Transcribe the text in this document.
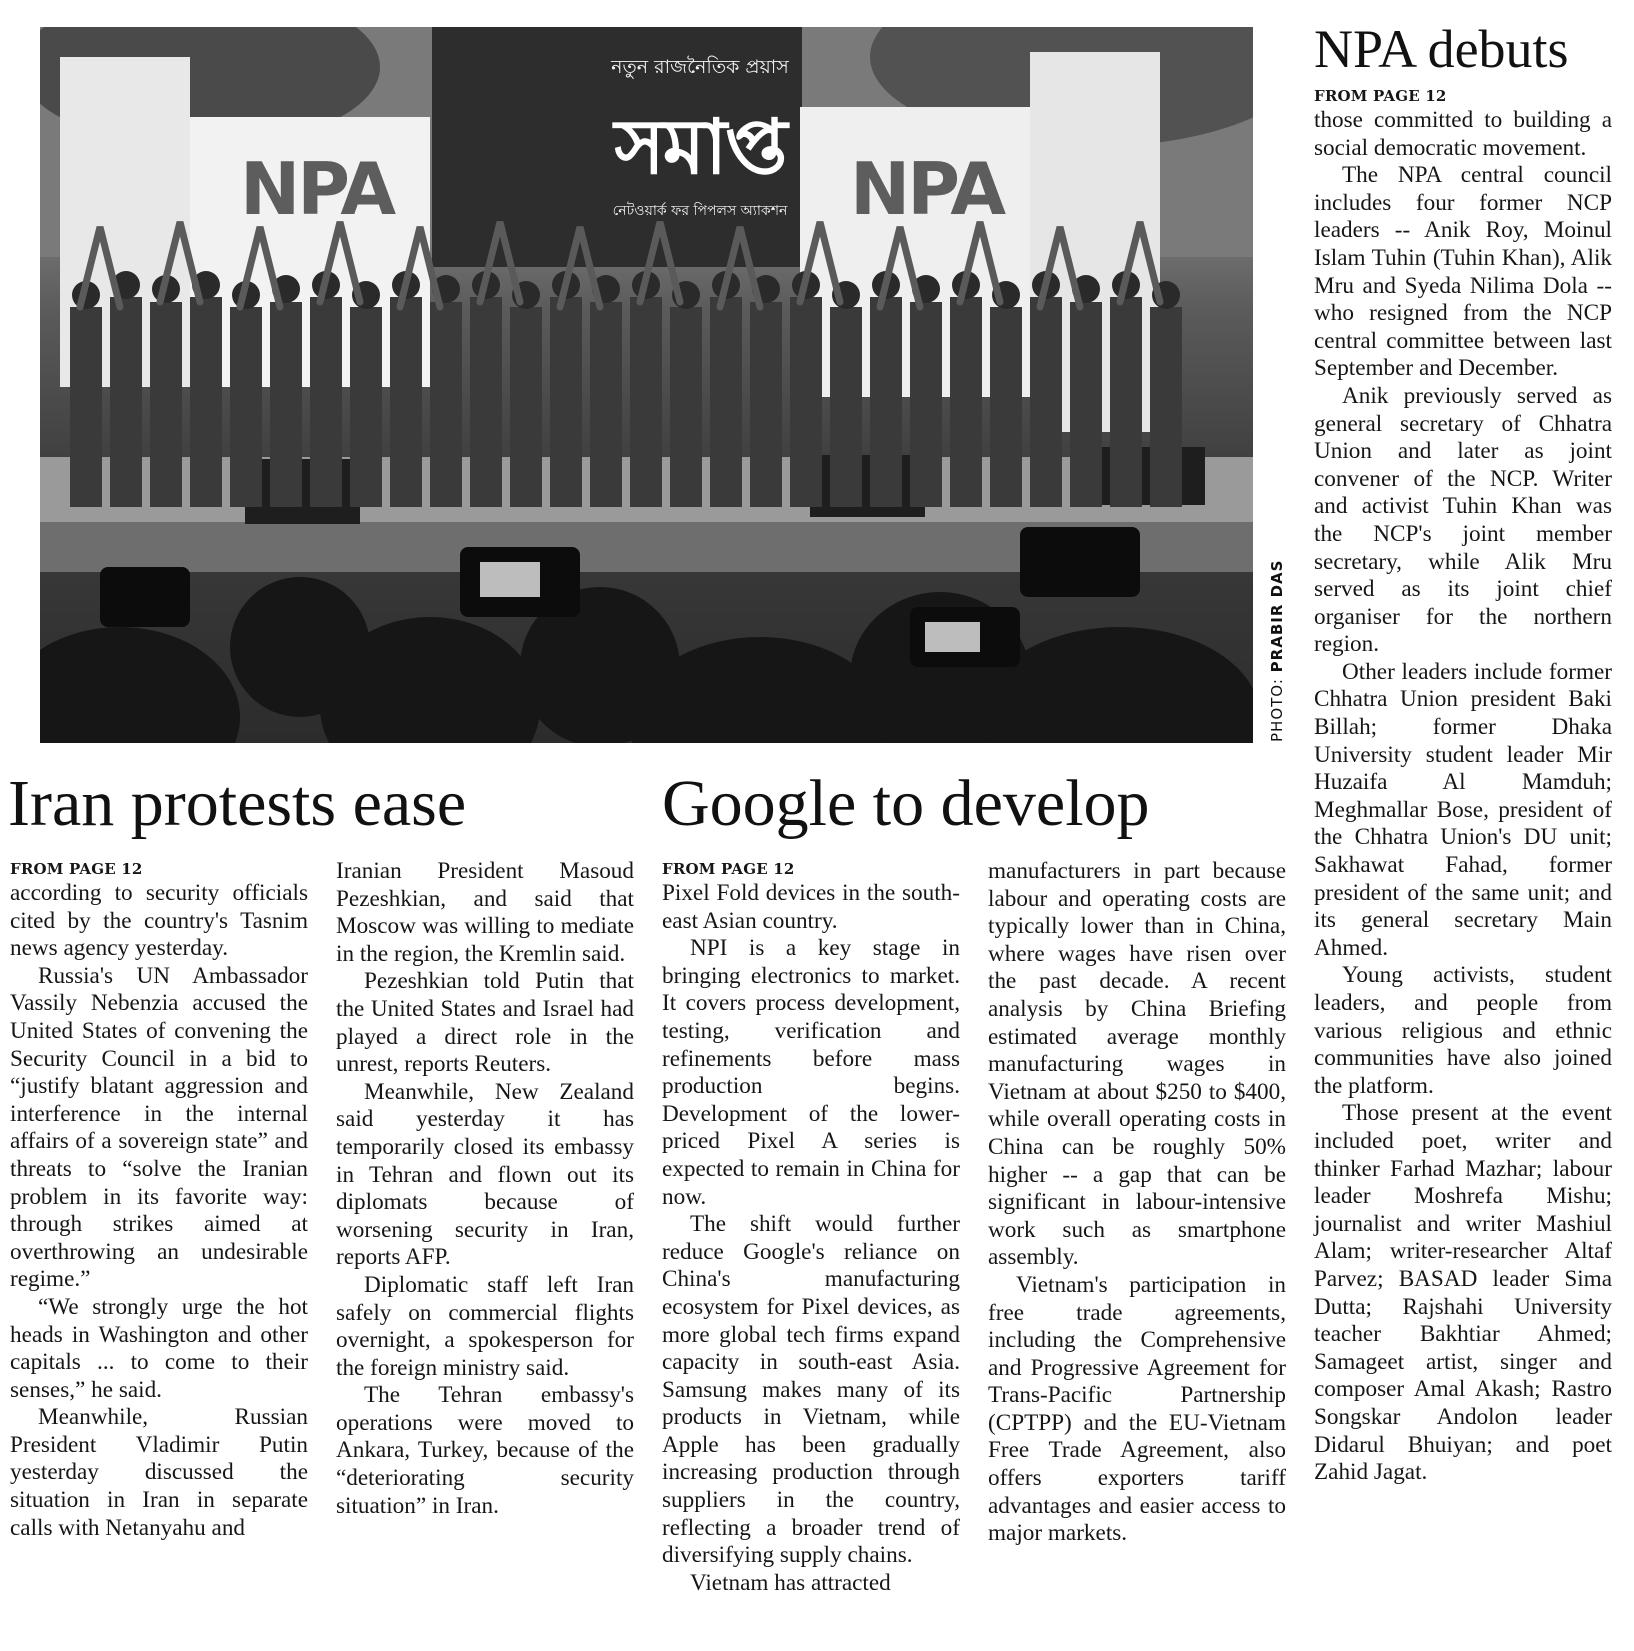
নতুন রাজনৈতিক প্রয়াস
সমাপ্ত
নেটওয়ার্ক ফর পিপলস অ্যাকশন
NPA	NPA
PHOTO: PRABIR DAS
NPA debuts
FROM PAGE 12

those committed to building a social democratic movement.

The NPA central council includes four former NCP leaders -- Anik Roy, Moinul Islam Tuhin (Tuhin Khan), Alik Mru and Syeda Nilima Dola -- who resigned from the NCP central committee between last September and December.

Anik previously served as general secretary of Chhatra Union and later as joint convener of the NCP. Writer and activist Tuhin Khan was the NCP's joint member secretary, while Alik Mru served as its joint chief organiser for the northern region.

Other leaders include former Chhatra Union president Baki Billah; former Dhaka University student leader Mir Huzaifa Al Mamduh; Meghmallar Bose, president of the Chhatra Union's DU unit; Sakhawat Fahad, former president of the same unit; and its general secretary Main Ahmed.

Young activists, student leaders, and people from various religious and ethnic communities have also joined the platform.

Those present at the event included poet, writer and thinker Farhad Mazhar; labour leader Moshrefa Mishu; journalist and writer Mashiul Alam; writer-researcher Altaf Parvez; BASAD leader Sima Dutta; Rajshahi University teacher Bakhtiar Ahmed; Samageet artist, singer and composer Amal Akash; Rastro Songskar Andolon leader Didarul Bhuiyan; and poet Zahid Jagat.

Iran protests ease
FROM PAGE 12

according to security officials cited by the country's Tasnim news agency yesterday.

Russia's UN Ambassador Vassily Nebenzia accused the United States of convening the Security Council in a bid to “justify blatant aggression and interference in the internal affairs of a sovereign state” and threats to “solve the Iranian problem in its favorite way: through strikes aimed at overthrowing an undesirable regime.”

“We strongly urge the hot heads in Washington and other capitals ... to come to their senses,” he said.

Meanwhile, Russian President Vladimir Putin yesterday discussed the situation in Iran in separate calls with Netanyahu and

Iranian President Masoud Pezeshkian, and said that Moscow was willing to mediate in the region, the Kremlin said.

Pezeshkian told Putin that the United States and Israel had played a direct role in the unrest, reports Reuters.

Meanwhile, New Zealand said yesterday it has temporarily closed its embassy in Tehran and flown out its diplomats because of worsening security in Iran, reports AFP.

Diplomatic staff left Iran safely on commercial flights overnight, a spokesperson for the foreign ministry said.

The Tehran embassy's operations were moved to Ankara, Turkey, because of the “deteriorating security situation” in Iran.

Google to develop
FROM PAGE 12

Pixel Fold devices in the south-east Asian country.

NPI is a key stage in bringing electronics to market. It covers process development, testing, verification and refinements before mass production begins. Development of the lower-priced Pixel A series is expected to remain in China for now.

The shift would further reduce Google's reliance on China's manufacturing ecosystem for Pixel devices, as more global tech firms expand capacity in south-east Asia. Samsung makes many of its products in Vietnam, while Apple has been gradually increasing production through suppliers in the country, reflecting a broader trend of diversifying supply chains.

Vietnam has attracted

manufacturers in part because labour and operating costs are typically lower than in China, where wages have risen over the past decade. A recent analysis by China Briefing estimated average monthly manufacturing wages in Vietnam at about $250 to $400, while overall operating costs in China can be roughly 50% higher -- a gap that can be significant in labour-intensive work such as smartphone assembly.

Vietnam's participation in free trade agreements, including the Comprehensive and Progressive Agreement for Trans-Pacific Partnership (CPTPP) and the EU-Vietnam Free Trade Agreement, also offers exporters tariff advantages and easier access to major markets.
